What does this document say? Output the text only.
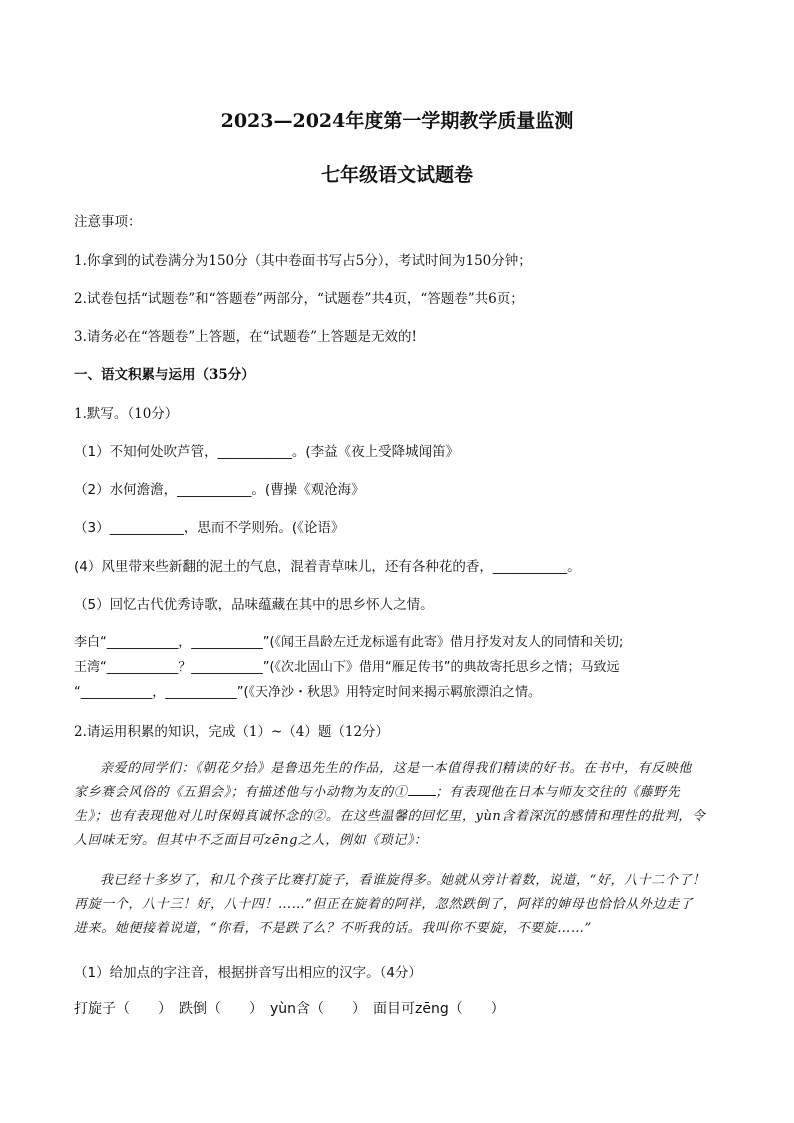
2023—2024年度第一学期教学质量监测
七年级语文试题卷
注意事项：
1.你拿到的试卷满分为150分（其中卷面书写占5分），考试时间为150分钟；
2.试卷包括“试题卷”和“答题卷”两部分，“试题卷”共4页，“答题卷”共6页；
3.请务必在“答题卷”上答题，在“试题卷”上答题是无效的!
一、语文积累与运用（35分）
1.默写。（10分）
（1）不知何处吹芦管，___________。(李益《夜上受降城闻笛》
（2）水何澹澹，___________。(曹操《观沧海》
（3）___________，思而不学则殆。(《论语》
(4）风里带来些新翻的泥土的气息，混着青草味儿，还有各种花的香，___________。
（5）回忆古代优秀诗歌，品味蕴藏在其中的思乡怀人之情。
李白“___________，___________”(《闻王昌龄左迁龙标遥有此寄》借月抒发对友人的同情和关切;
王湾“___________？___________”(《次北固山下》借用“雁足传书”的典故寄托思乡之情；马致远
“___________，___________”(《天净沙・秋思》用特定时间来揭示羁旅漂泊之情。
2.请运用积累的知识，完成（1）~（4）题（12分）
亲爱的同学们：《朝花夕拾》是鲁迅先生的作品，这是一本值得我们精读的好书。在书中，有反映他
家乡赛会风俗的《五猖会》；有描述他与小动物为友的① ；有表现他在日本与师友交往的《藤野先
生》；也有表现他对儿时保姆真诚怀念的②。在这些温馨的回忆里，yùn含着深沉的感情和理性的批判，令
人回味无穷。但其中不乏面目可zēng之人，例如《琐记》：
我已经十多岁了，和几个孩子比赛打旋子，看谁旋得多。她就从旁计着数，说道，“好，八十二个了！
再旋一个，八十三！好，八十四！……”但正在旋着的阿祥，忽然跌倒了，阿祥的婶母也恰恰从外边走了
进来。她便接着说道，“你看，不是跌了么？不听我的话。我叫你不要旋，不要旋……”
（1）给加点的字注音，根据拼音写出相应的汉字。（4分）
打旋子（　　）　跌倒（　　）　yùn含（　　）　面目可zēng（　　）
